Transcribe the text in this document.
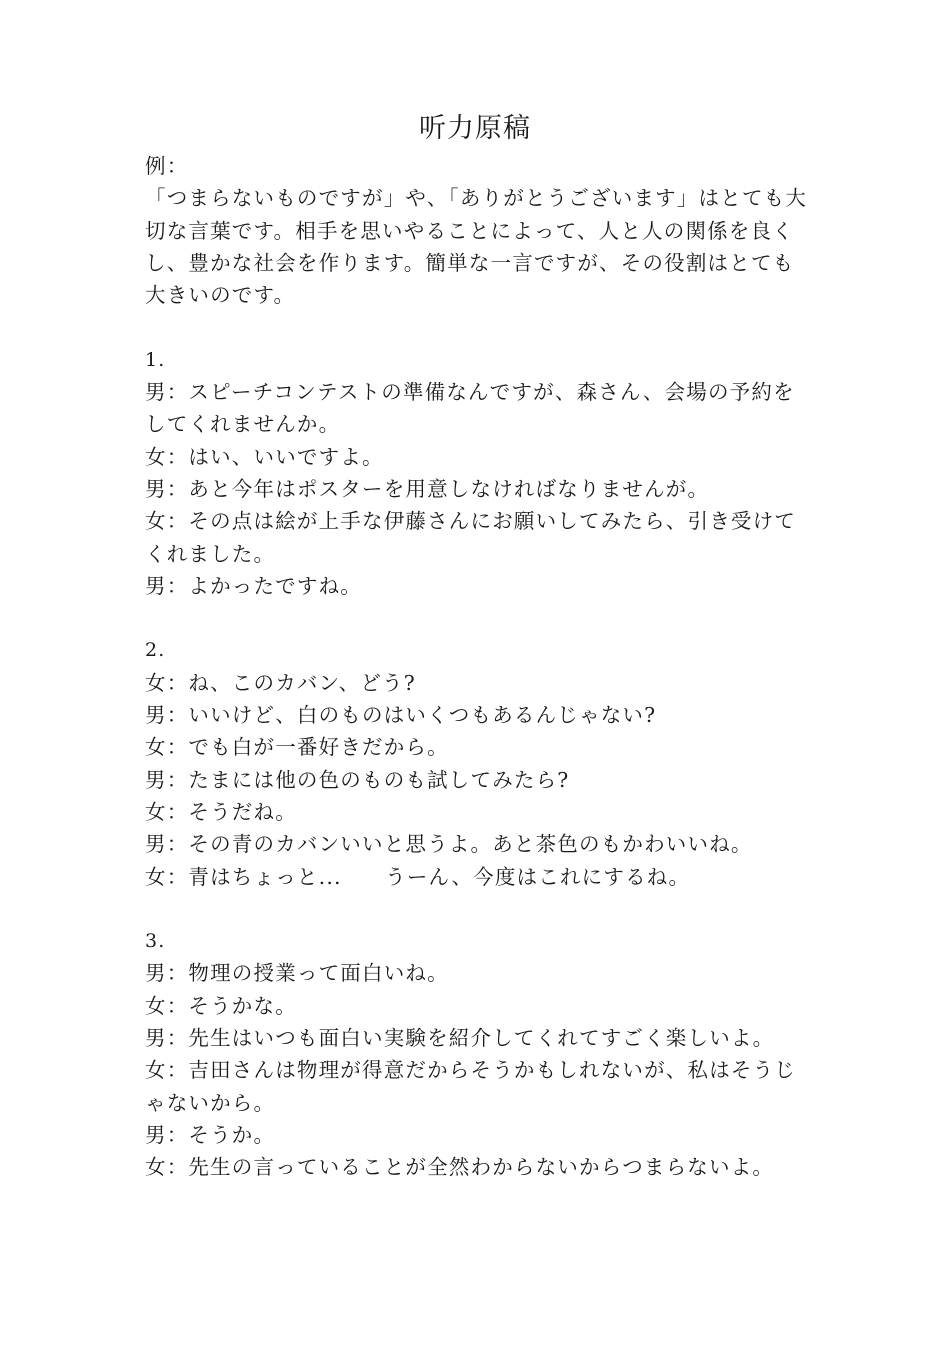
听力原稿
例：
「つまらないものですが」や、「ありがとうございます」はとても大切な言葉です。相手を思いやることによって、人と人の関係を良くし、豊かな社会を作ります。簡単な一言ですが、その役割はとても大きいのです。
1.
男：スピーチコンテストの準備なんですが、森さん、会場の予約をしてくれませんか。
女：はい、いいですよ。
男：あと今年はポスターを用意しなければなりませんが。
女：その点は絵が上手な伊藤さんにお願いしてみたら、引き受けてくれました。
男：よかったですね。
2.
女：ね、このカバン、どう?
男：いいけど、白のものはいくつもあるんじゃない?
女：でも白が一番好きだから。
男：たまには他の色のものも試してみたら?
女：そうだね。
男：その青のカバンいいと思うよ。あと茶色のもかわいいね。
女：青はちょっと...　　うーん、今度はこれにするね。
3.
男：物理の授業って面白いね。
女：そうかな。
男：先生はいつも面白い実験を紹介してくれてすごく楽しいよ。
女：吉田さんは物理が得意だからそうかもしれないが、私はそうじゃないから。
男：そうか。
女：先生の言っていることが全然わからないからつまらないよ。
